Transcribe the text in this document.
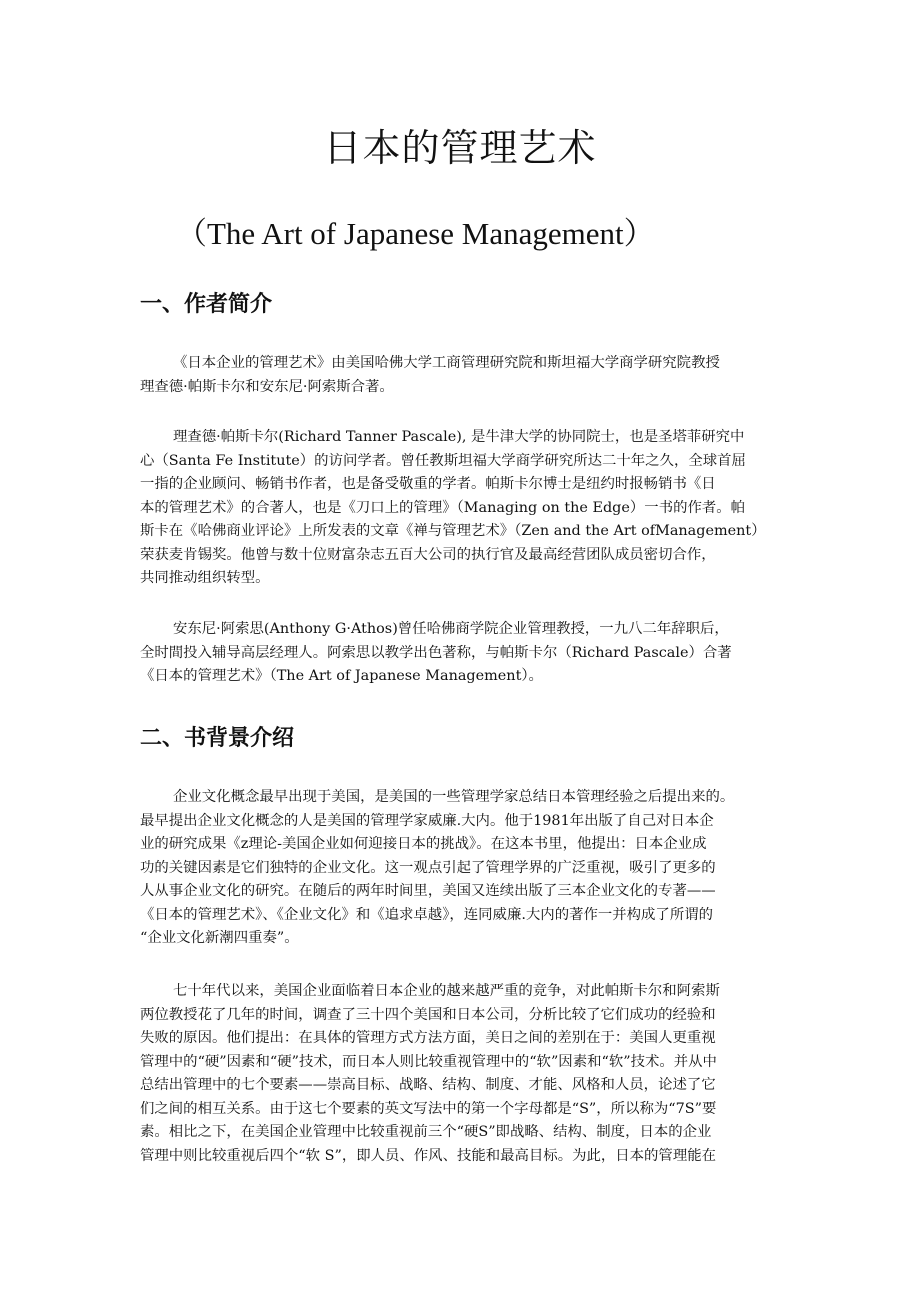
日本的管理艺术
（The Art of Japanese Management）
一、作者简介
《日本企业的管理艺术》由美国哈佛大学工商管理研究院和斯坦福大学商学研究院教授
理查德·帕斯卡尔和安东尼·阿索斯合著。
理查德·帕斯卡尔(Richard Tanner Pascale), 是牛津大学的协同院士，也是圣塔菲研究中
心（Santa Fe Institute）的访问学者。曾任教斯坦福大学商学研究所达二十年之久，全球首屈
一指的企业顾问、畅销书作者，也是备受敬重的学者。帕斯卡尔博士是纽约时报畅销书《日
本的管理艺术》的合著人，也是《刀口上的管理》（Managing on the Edge）一书的作者。帕
斯卡在《哈佛商业评论》上所发表的文章《禅与管理艺术》（Zen and the Art ofManagement）
荣获麦肯锡奖。他曾与数十位财富杂志五百大公司的执行官及最高经营团队成员密切合作，
共同推动组织转型。
安东尼·阿索思(Anthony G·Athos)曾任哈佛商学院企业管理教授，一九八二年辞职后，
全时間投入辅导高层经理人。阿索思以教学出色著称，与帕斯卡尔（Richard Pascale）合著
《日本的管理艺术》（The Art of Japanese Management）。
二、书背景介绍
企业文化概念最早出现于美国，是美国的一些管理学家总结日本管理经验之后提出来的。
最早提出企业文化概念的人是美国的管理学家威廉.大内。他于1981年出版了自己对日本企
业的研究成果《z理论-美国企业如何迎接日本的挑战》。在这本书里，他提出：日本企业成
功的关键因素是它们独特的企业文化。这一观点引起了管理学界的广泛重视，吸引了更多的
人从事企业文化的研究。在随后的两年时间里，美国又连续出版了三本企业文化的专著——
《日本的管理艺术》、《企业文化》和《追求卓越》，连同威廉.大内的著作一并构成了所谓的
“企业文化新潮四重奏”。
七十年代以来，美国企业面临着日本企业的越来越严重的竞争，对此帕斯卡尔和阿索斯
两位教授花了几年的时间，调查了三十四个美国和日本公司，分析比较了它们成功的经验和
失败的原因。他们提出：在具体的管理方式方法方面，美日之间的差别在于：美国人更重视
管理中的“硬”因素和“硬”技术，而日本人则比较重视管理中的“软”因素和“软”技术。并从中
总结出管理中的七个要素——崇高目标、战略、结构、制度、才能、风格和人员，论述了它
们之间的相互关系。由于这七个要素的英文写法中的第一个字母都是“S”，所以称为“7S”要
素。相比之下，在美国企业管理中比较重视前三个“硬S”即战略、结构、制度，日本的企业
管理中则比较重视后四个“软 S”，即人员、作风、技能和最高目标。为此，日本的管理能在
